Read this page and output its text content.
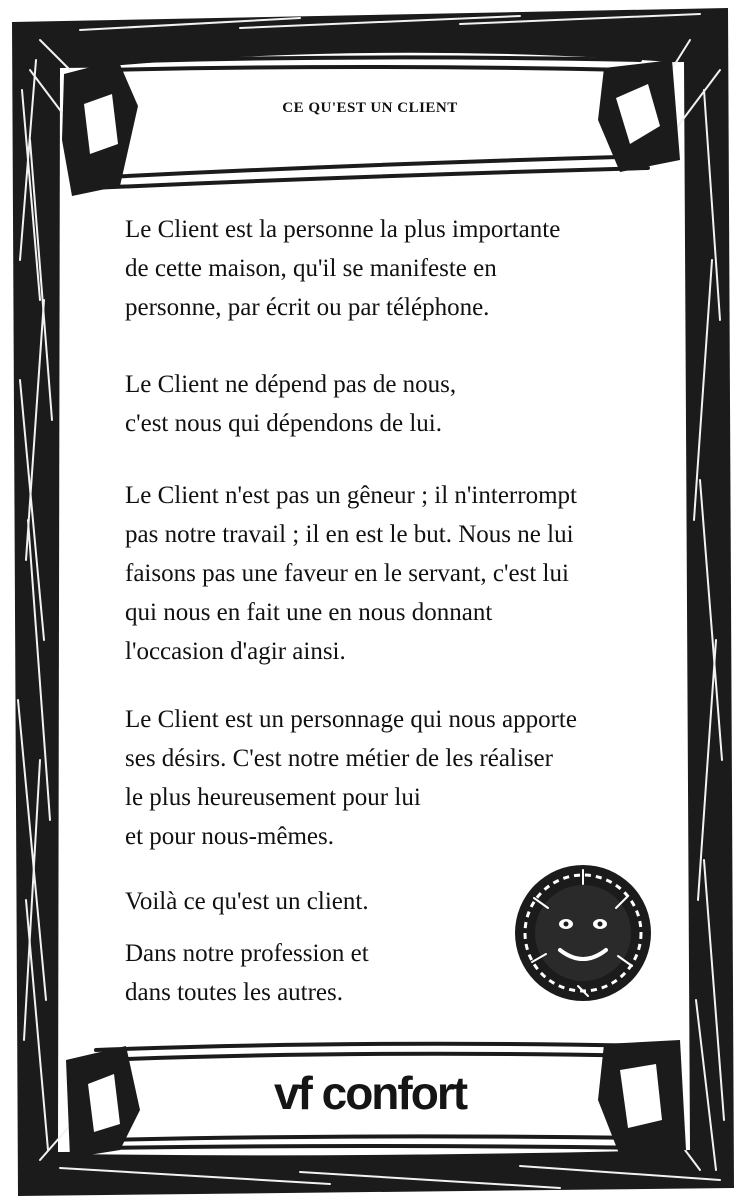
CE QU'EST UN CLIENT
Le Client est la personne la plus importante
de cette maison, qu'il se manifeste en
personne, par écrit ou par téléphone.
Le Client ne dépend pas de nous,
c'est nous qui dépendons de lui.
Le Client n'est pas un gêneur ; il n'interrompt
pas notre travail ; il en est le but. Nous ne lui
faisons pas une faveur en le servant, c'est lui
qui nous en fait une en nous donnant
l'occasion d'agir ainsi.
Le Client est un personnage qui nous apporte
ses désirs. C'est notre métier de les réaliser
le plus heureusement pour lui
et pour nous-mêmes.
Voilà ce qu'est un client.
Dans notre profession et
dans toutes les autres.
vf confort
